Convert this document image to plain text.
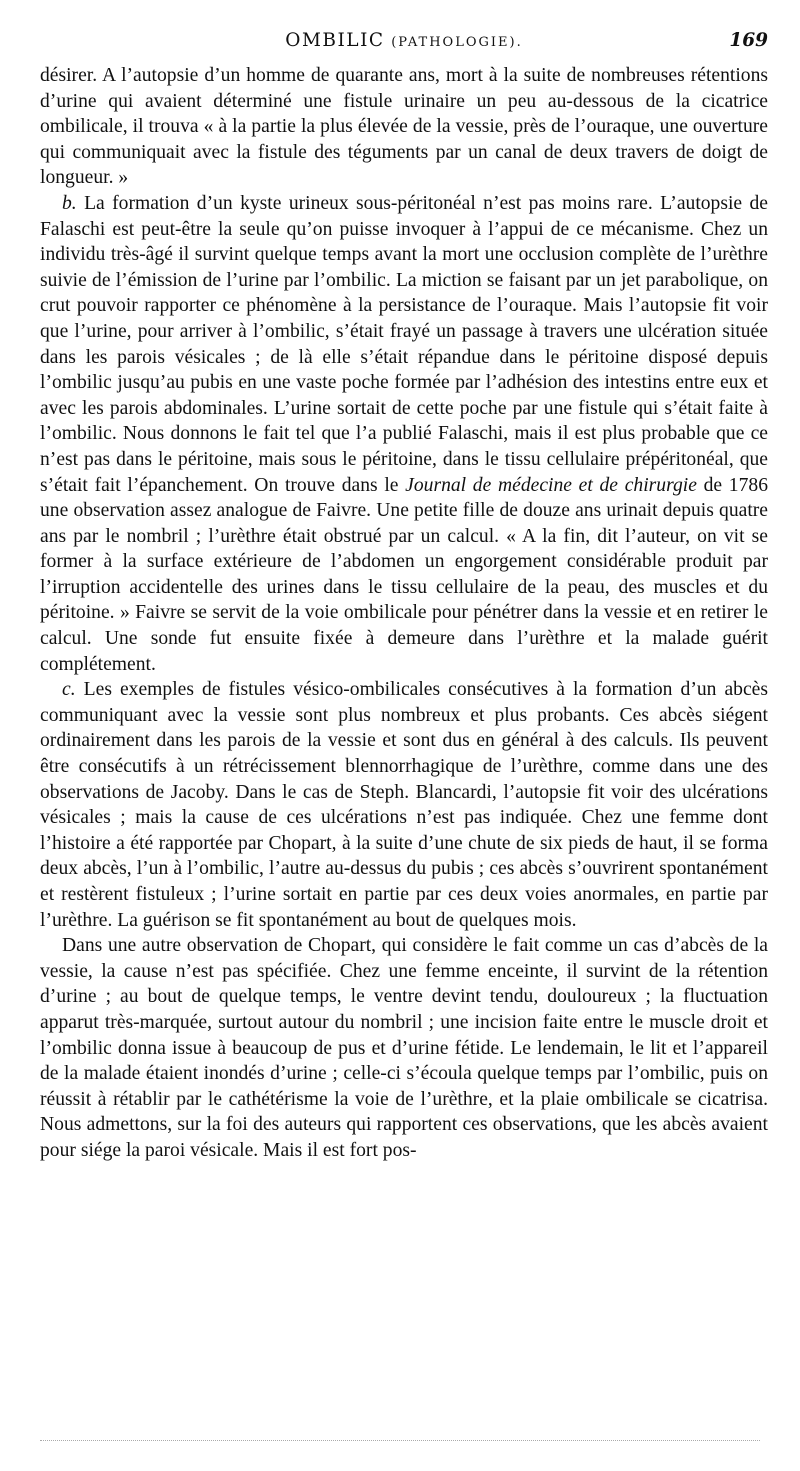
OMBILIC (PATHOLOGIE).	169

désirer. A l’autopsie d’un homme de quarante ans, mort à la suite de nombreuses rétentions d’urine qui avaient déterminé une fistule urinaire un peu au-dessous de la cicatrice ombilicale, il trouva « à la partie la plus élevée de la vessie, près de l’ouraque, une ouverture qui communiquait avec la fistule des téguments par un canal de deux travers de doigt de longueur. »

b. La formation d’un kyste urineux sous-péritonéal n’est pas moins rare. L’autopsie de Falaschi est peut-être la seule qu’on puisse invoquer à l’appui de ce mécanisme. Chez un individu très-âgé il survint quelque temps avant la mort une occlusion complète de l’urèthre suivie de l’émission de l’urine par l’ombilic. La miction se faisant par un jet parabolique, on crut pouvoir rapporter ce phénomène à la persistance de l’ouraque. Mais l’autopsie fit voir que l’urine, pour arriver à l’ombilic, s’était frayé un passage à travers une ulcération située dans les parois vésicales ; de là elle s’était répandue dans le péritoine disposé depuis l’ombilic jusqu’au pubis en une vaste poche formée par l’adhésion des intestins entre eux et avec les parois abdominales. L’urine sortait de cette poche par une fistule qui s’était faite à l’ombilic. Nous donnons le fait tel que l’a publié Falaschi, mais il est plus probable que ce n’est pas dans le péritoine, mais sous le péritoine, dans le tissu cellulaire prépéritonéal, que s’était fait l’épanchement. On trouve dans le Journal de médecine et de chirurgie de 1786 une observation assez analogue de Faivre. Une petite fille de douze ans urinait depuis quatre ans par le nombril ; l’urèthre était obstrué par un calcul. « A la fin, dit l’auteur, on vit se former à la surface extérieure de l’abdomen un engorgement considérable produit par l’irruption accidentelle des urines dans le tissu cellulaire de la peau, des muscles et du péritoine. » Faivre se servit de la voie ombilicale pour pénétrer dans la vessie et en retirer le calcul. Une sonde fut ensuite fixée à demeure dans l’urèthre et la malade guérit complétement.

c. Les exemples de fistules vésico-ombilicales consécutives à la formation d’un abcès communiquant avec la vessie sont plus nombreux et plus probants. Ces abcès siégent ordinairement dans les parois de la vessie et sont dus en général à des calculs. Ils peuvent être consécutifs à un rétrécissement blennorrhagique de l’urèthre, comme dans une des observations de Jacoby. Dans le cas de Steph. Blancardi, l’autopsie fit voir des ulcérations vésicales ; mais la cause de ces ulcérations n’est pas indiquée. Chez une femme dont l’histoire a été rapportée par Chopart, à la suite d’une chute de six pieds de haut, il se forma deux abcès, l’un à l’ombilic, l’autre au-dessus du pubis ; ces abcès s’ouvrirent spontanément et restèrent fistuleux ; l’urine sortait en partie par ces deux voies anormales, en partie par l’urèthre. La guérison se fit spontanément au bout de quelques mois.

Dans une autre observation de Chopart, qui considère le fait comme un cas d’abcès de la vessie, la cause n’est pas spécifiée. Chez une femme enceinte, il survint de la rétention d’urine ; au bout de quelque temps, le ventre devint tendu, douloureux ; la fluctuation apparut très-marquée, surtout autour du nombril ; une incision faite entre le muscle droit et l’ombilic donna issue à beaucoup de pus et d’urine fétide. Le lendemain, le lit et l’appareil de la malade étaient inondés d’urine ; celle-ci s’écoula quelque temps par l’ombilic, puis on réussit à rétablir par le cathétérisme la voie de l’urèthre, et la plaie ombilicale se cicatrisa. Nous admettons, sur la foi des auteurs qui rapportent ces observations, que les abcès avaient pour siége la paroi vésicale. Mais il est fort pos-
